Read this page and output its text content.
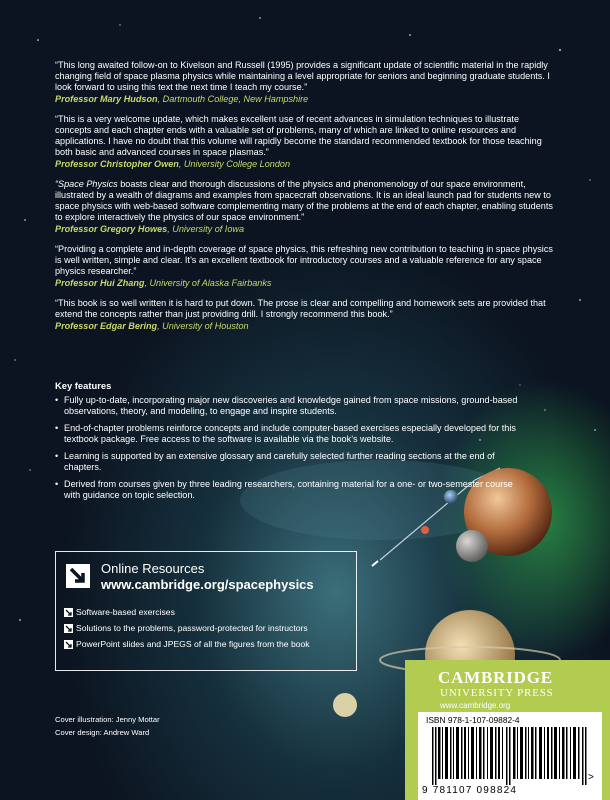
“This long awaited follow-on to Kivelson and Russell (1995) provides a significant update of scientific material in the rapidly changing field of space plasma physics while maintaining a level appropriate for seniors and beginning graduate students. I look forward to using this text the next time I teach my course.”
Professor Mary Hudson, Dartmouth College, New Hampshire
“This is a very welcome update, which makes excellent use of recent advances in simulation techniques to illustrate concepts and each chapter ends with a valuable set of problems, many of which are linked to online resources and applications. I have no doubt that this volume will rapidly become the standard recommended textbook for those teaching both basic and advanced courses in space plasmas.”
Professor Christopher Owen, University College London
“Space Physics boasts clear and thorough discussions of the physics and phenomenology of our space environment, illustrated by a wealth of diagrams and examples from spacecraft observations. It is an ideal launch pad for students new to space physics with web-based software complementing many of the problems at the end of each chapter, enabling students to explore interactively the physics of our space environment.”
Professor Gregory Howes, University of Iowa
“Providing a complete and in-depth coverage of space physics, this refreshing new contribution to teaching in space physics is well written, simple and clear. It’s an excellent textbook for introductory courses and a valuable reference for any space physics researcher.”
Professor Hui Zhang, University of Alaska Fairbanks
“This book is so well written it is hard to put down. The prose is clear and compelling and homework sets are provided that extend the concepts rather than just providing drill. I strongly recommend this book.”
Professor Edgar Bering, University of Houston
Key features
• Fully up-to-date, incorporating major new discoveries and knowledge gained from space missions, ground-based observations, theory, and modeling, to engage and inspire students.
• End-of-chapter problems reinforce concepts and include computer-based exercises especially developed for this textbook package. Free access to the software is available via the book’s website.
• Learning is supported by an extensive glossary and carefully selected further reading sections at the end of chapters.
• Derived from courses given by three leading researchers, containing material for a one- or two-semester course with guidance on topic selection.
Online Resources
www.cambridge.org/spacephysics
Software-based exercises
Solutions to the problems, password-protected for instructors
PowerPoint slides and JPEGS of all the figures from the book
Cover illustration: Jenny Mottar
Cover design: Andrew Ward
CAMBRIDGE
UNIVERSITY PRESS
www.cambridge.org
ISBN 978-1-107-09882-4
9 781107 098824
>
